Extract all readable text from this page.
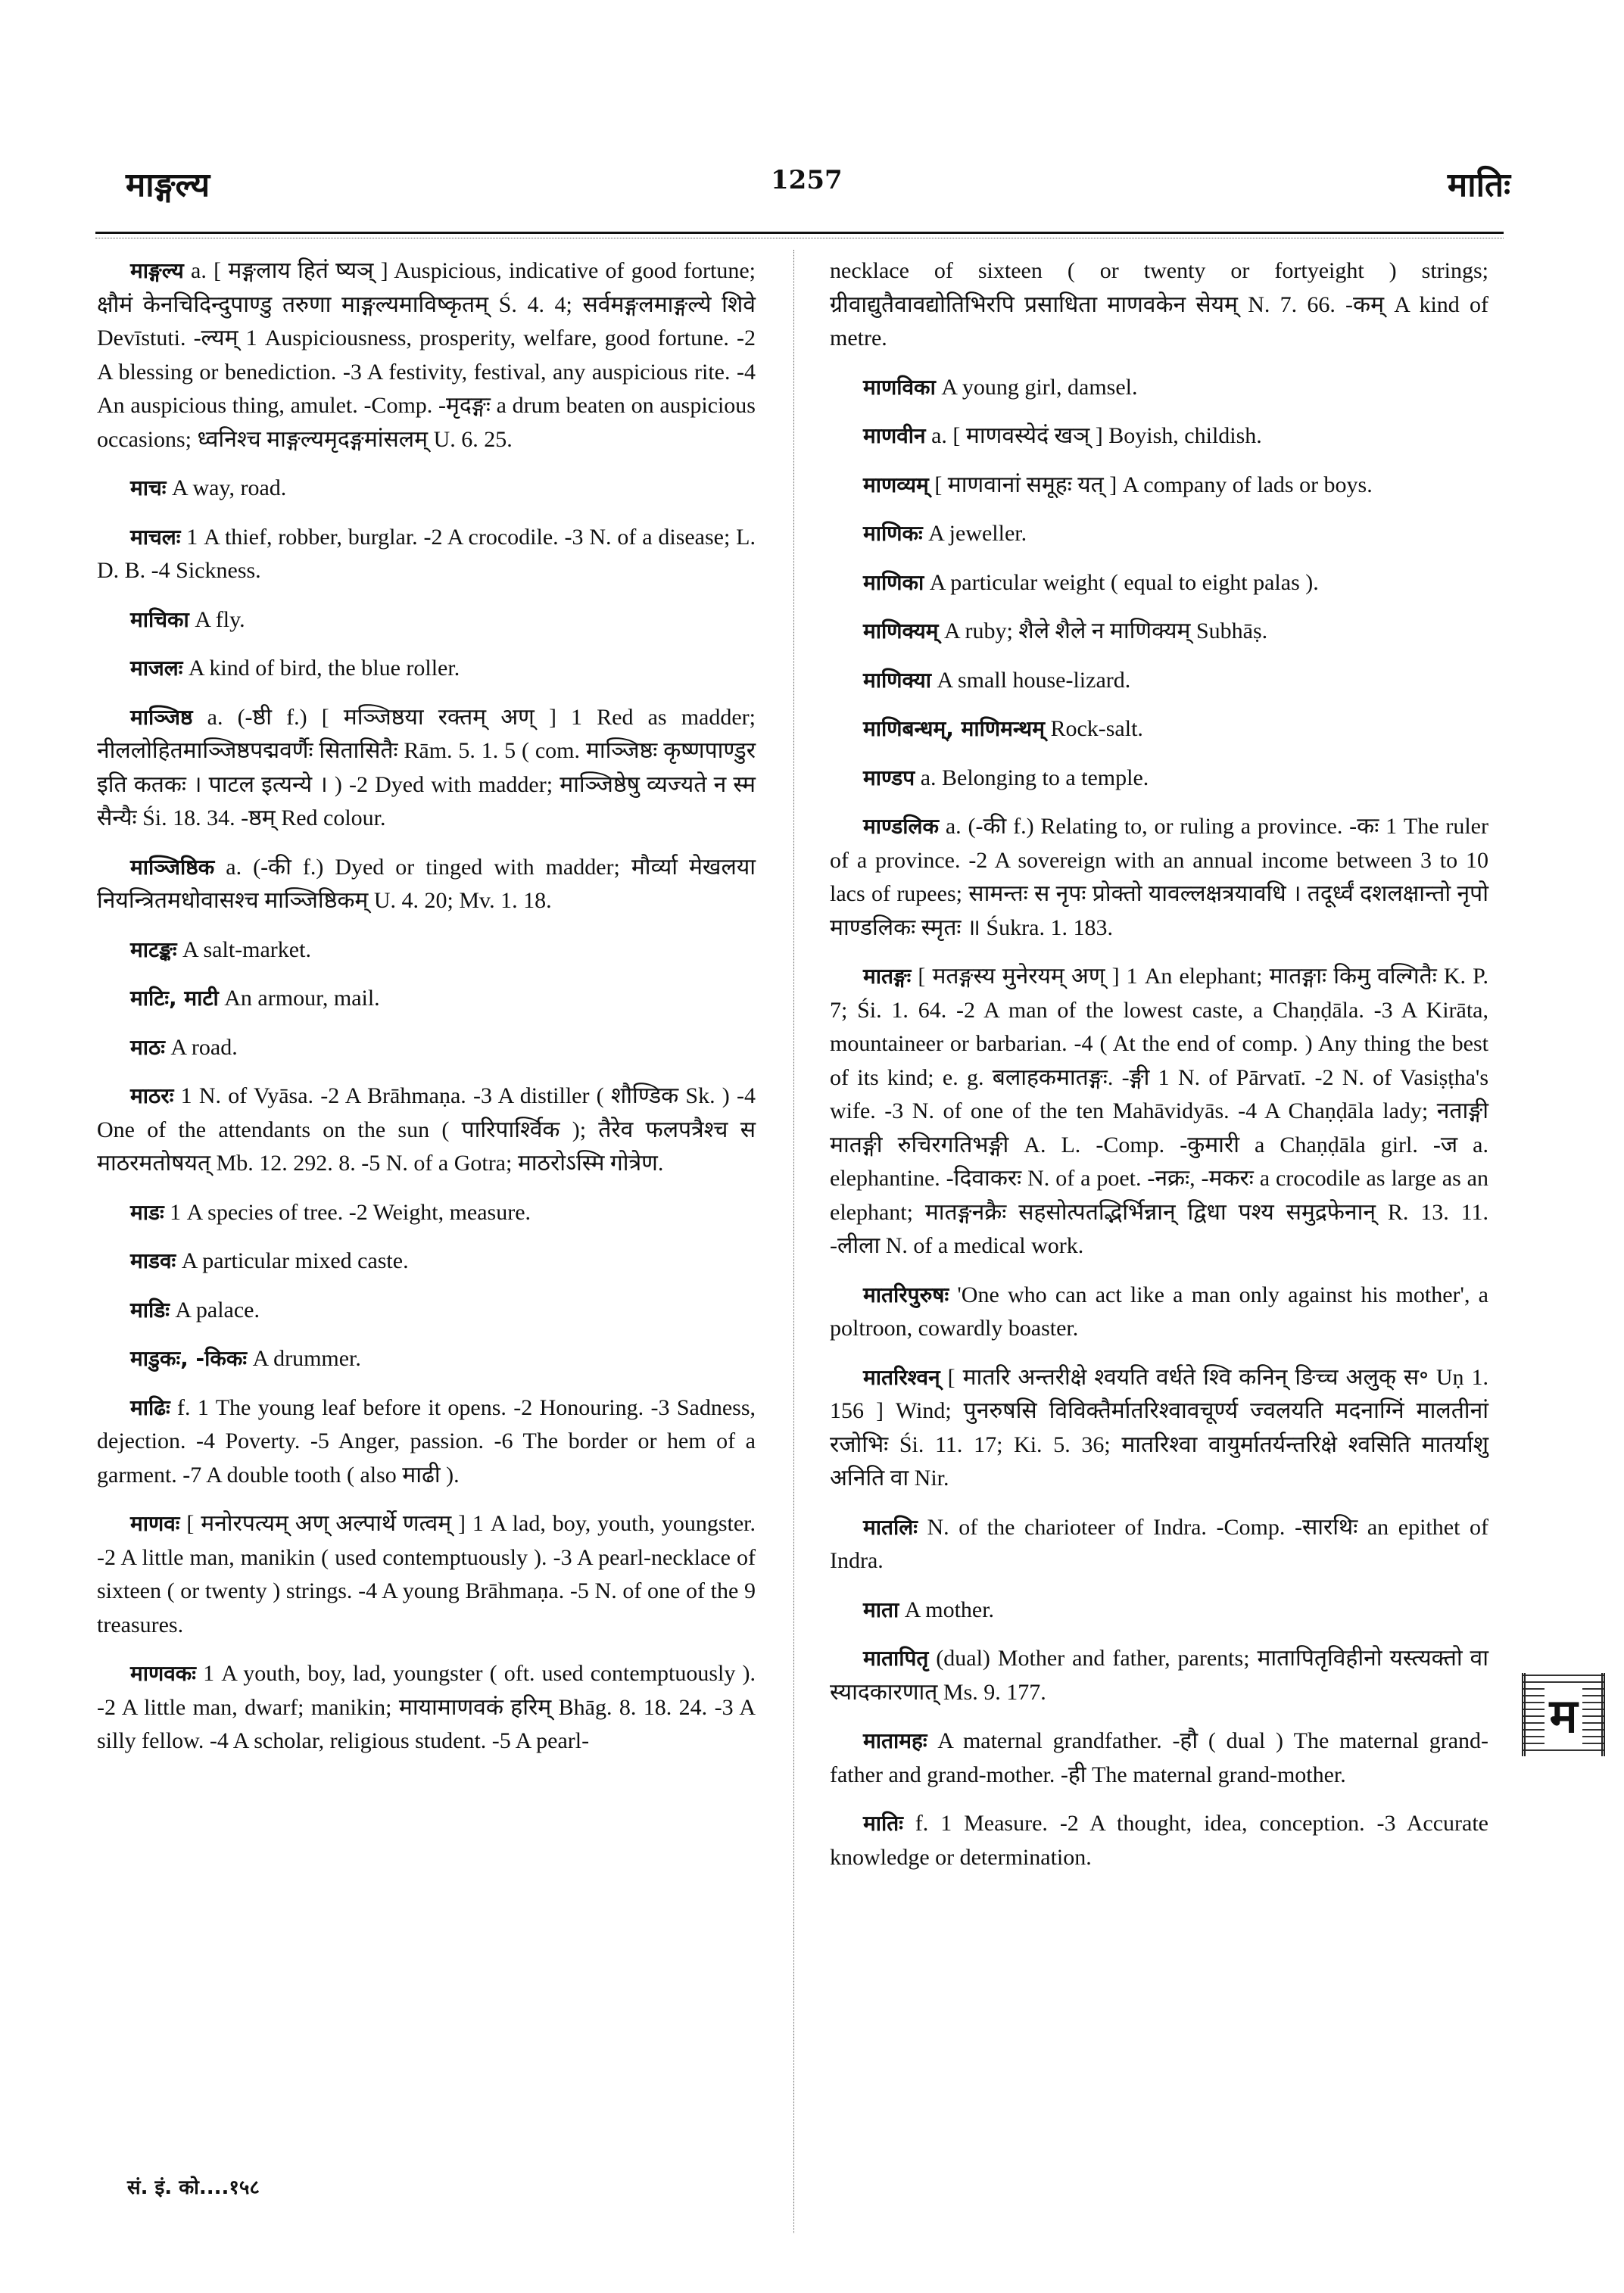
माङ्गल्य	1257	मातिः

माङ्गल्य a. [ मङ्गलाय हितं ष्यञ् ] Auspicious, indicative of good fortune; क्षौमं केनचिदिन्दुपाण्डु तरुणा माङ्गल्यमाविष्कृतम् Ś. 4. 4; सर्वमङ्गलमाङ्गल्ये शिवे Devīstuti. -ल्यम् 1 Auspiciousness, prosperity, welfare, good fortune. -2 A blessing or benediction. -3 A festivity, festival, any auspicious rite. -4 An auspicious thing, amulet. -Comp. -मृदङ्गः a drum beaten on auspicious occasions; ध्वनिश्च माङ्गल्यमृदङ्गमांसलम् U. 6. 25.

माचः A way, road.

माचलः 1 A thief, robber, burglar. -2 A crocodile. -3 N. of a disease; L. D. B. -4 Sickness.

माचिका A fly.

माजलः A kind of bird, the blue roller.

माञ्जिष्ठ a. (-ष्ठी f.) [ मञ्जिष्ठया रक्तम् अण् ] 1 Red as madder; नीललोहितमाञ्जिष्ठपद्मवर्णैः सितासितैः Rām. 5. 1. 5 ( com. माञ्जिष्ठः कृष्णपाण्डुर इति कतकः । पाटल इत्यन्ये । ) -2 Dyed with madder; माञ्जिष्ठेषु व्यज्यते न स्म सैन्यैः Śi. 18. 34. -ष्ठम् Red colour.

माञ्जिष्ठिक a. (-की f.) Dyed or tinged with madder; मौर्व्या मेखलया नियन्त्रितमधोवासश्च माञ्जिष्ठिकम् U. 4. 20; Mv. 1. 18.

माटङ्कः A salt-market.

माटिः, माटी An armour, mail.

माठः A road.

माठरः 1 N. of Vyāsa. -2 A Brāhmaṇa. -3 A distiller ( शौण्डिक Sk. ) -4 One of the attendants on the sun ( पारिपार्श्विक ); तैरेव फलपत्रैश्च स माठरमतोषयत् Mb. 12. 292. 8. -5 N. of a Gotra; माठरोऽस्मि गोत्रेण.

माडः 1 A species of tree. -2 Weight, measure.

माडवः A particular mixed caste.

माडिः A palace.

माडुकः, -किकः A drummer.

माढिः f. 1 The young leaf before it opens. -2 Honouring. -3 Sadness, dejection. -4 Poverty. -5 Anger, passion. -6 The border or hem of a garment. -7 A double tooth ( also माढी ).

माणवः [ मनोरपत्यम् अण् अल्पार्थे णत्वम् ] 1 A lad, boy, youth, youngster. -2 A little man, manikin ( used contemptuously ). -3 A pearl-necklace of sixteen ( or twenty ) strings. -4 A young Brāhmaṇa. -5 N. of one of the 9 treasures.

माणवकः 1 A youth, boy, lad, youngster ( oft. used contemptuously ). -2 A little man, dwarf; manikin; मायामाणवकं हरिम् Bhāg. 8. 18. 24. -3 A silly fellow. -4 A scholar, religious student. -5 A pearl-

necklace of sixteen ( or twenty or fortyeight ) strings; ग्रीवाद्युतैवावद्योतिभिरपि प्रसाधिता माणवकेन सेयम् N. 7. 66. -कम् A kind of metre.

माणविका A young girl, damsel.

माणवीन a. [ माणवस्येदं खञ् ] Boyish, childish.

माणव्यम् [ माणवानां समूहः यत् ] A company of lads or boys.

माणिकः A jeweller.

माणिका A particular weight ( equal to eight palas ).

माणिक्यम् A ruby; शैले शैले न माणिक्यम् Subhāṣ.

माणिक्या A small house-lizard.

माणिबन्धम्, माणिमन्थम् Rock-salt.

माण्डप a. Belonging to a temple.

माण्डलिक a. (-की f.) Relating to, or ruling a province. -कः 1 The ruler of a province. -2 A sovereign with an annual income between 3 to 10 lacs of rupees; सामन्तः स नृपः प्रोक्तो यावल्लक्षत्रयावधि । तदूर्ध्वं दशलक्षान्तो नृपो माण्डलिकः स्मृतः ॥ Śukra. 1. 183.

मातङ्गः [ मतङ्गस्य मुनेरयम् अण् ] 1 An elephant; मातङ्गाः किमु वल्गितैः K. P. 7; Śi. 1. 64. -2 A man of the lowest caste, a Chaṇḍāla. -3 A Kirāta, mountaineer or barbarian. -4 ( At the end of comp. ) Any thing the best of its kind; e. g. बलाहकमातङ्गः. -ङ्गी 1 N. of Pārvatī. -2 N. of Vasiṣṭha's wife. -3 N. of one of the ten Mahāvidyās. -4 A Chaṇḍāla lady; नताङ्गी मातङ्गी रुचिरगतिभङ्गी A. L. -Comp. -कुमारी a Chaṇḍāla girl. -ज a. elephantine. -दिवाकरः N. of a poet. -नक्रः, -मकरः a crocodile as large as an elephant; मातङ्गनक्रैः सहसोत्पतद्भिर्भिन्नान् द्विधा पश्य समुद्रफेनान् R. 13. 11. -लीला N. of a medical work.

मातरिपुरुषः 'One who can act like a man only against his mother', a poltroon, cowardly boaster.

मातरिश्वन् [ मातरि अन्तरीक्षे श्वयति वर्धते श्वि कनिन् ङिच्च अलुक् स॰ Uṇ 1. 156 ] Wind; पुनरुषसि विविक्तैर्मातरिश्वावचूर्ण्य ज्वलयति मदनाग्निं मालतीनां रजोभिः Śi. 11. 17; Ki. 5. 36; मातरिश्वा वायुर्मातर्यन्तरिक्षे श्वसिति मातर्याशु अनिति वा Nir.

मातलिः N. of the charioteer of Indra. -Comp. -सारथिः an epithet of Indra.

माता A mother.

मातापितृ (dual) Mother and father, parents; मातापितृविहीनो यस्त्यक्तो वा स्यादकारणात् Ms. 9. 177.

मातामहः A maternal grandfather. -हौ ( dual ) The maternal grand-father and grand-mother. -ही The maternal grand-mother.

मातिः f. 1 Measure. -2 A thought, idea, conception. -3 Accurate knowledge or determination.

म
सं. इं. को....१५८
